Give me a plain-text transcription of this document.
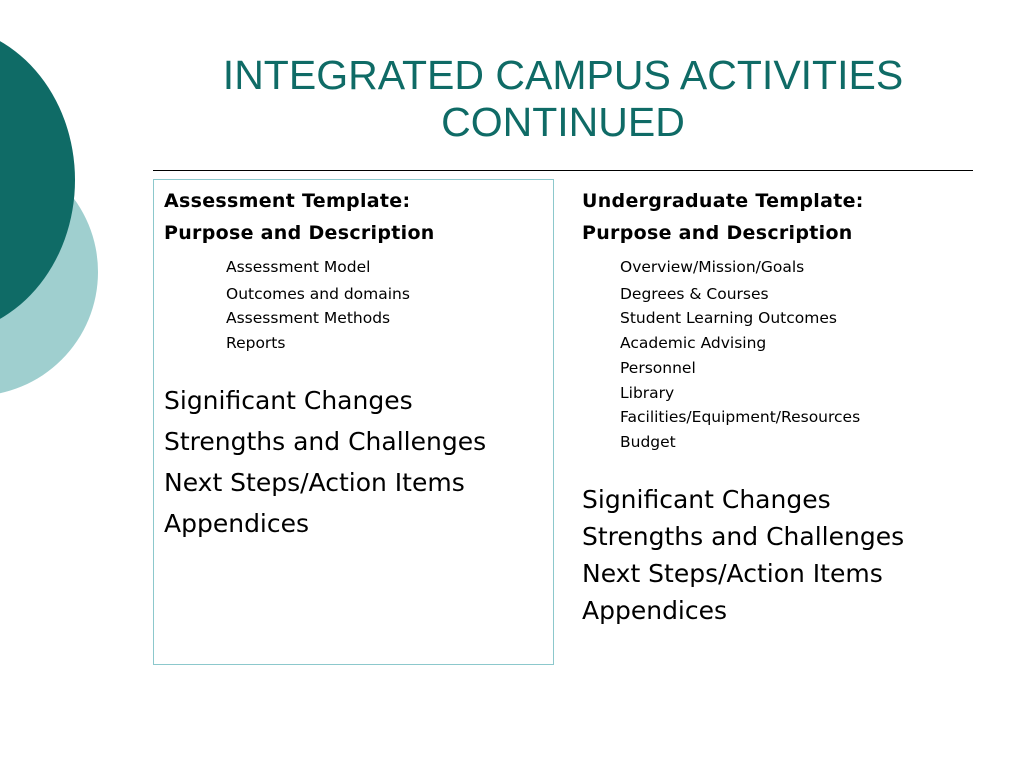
INTEGRATED CAMPUS ACTIVITIES
CONTINUED
Assessment Template:
Purpose and Description
Assessment Model
Outcomes and domains
Assessment Methods
Reports
Significant Changes
Strengths and Challenges
Next Steps/Action Items
Appendices
Undergraduate Template:
Purpose and Description
Overview/Mission/Goals
Degrees & Courses
Student Learning Outcomes
Academic Advising
Personnel
Library
Facilities/Equipment/Resources
Budget
Significant Changes
Strengths and Challenges
Next Steps/Action Items
Appendices
